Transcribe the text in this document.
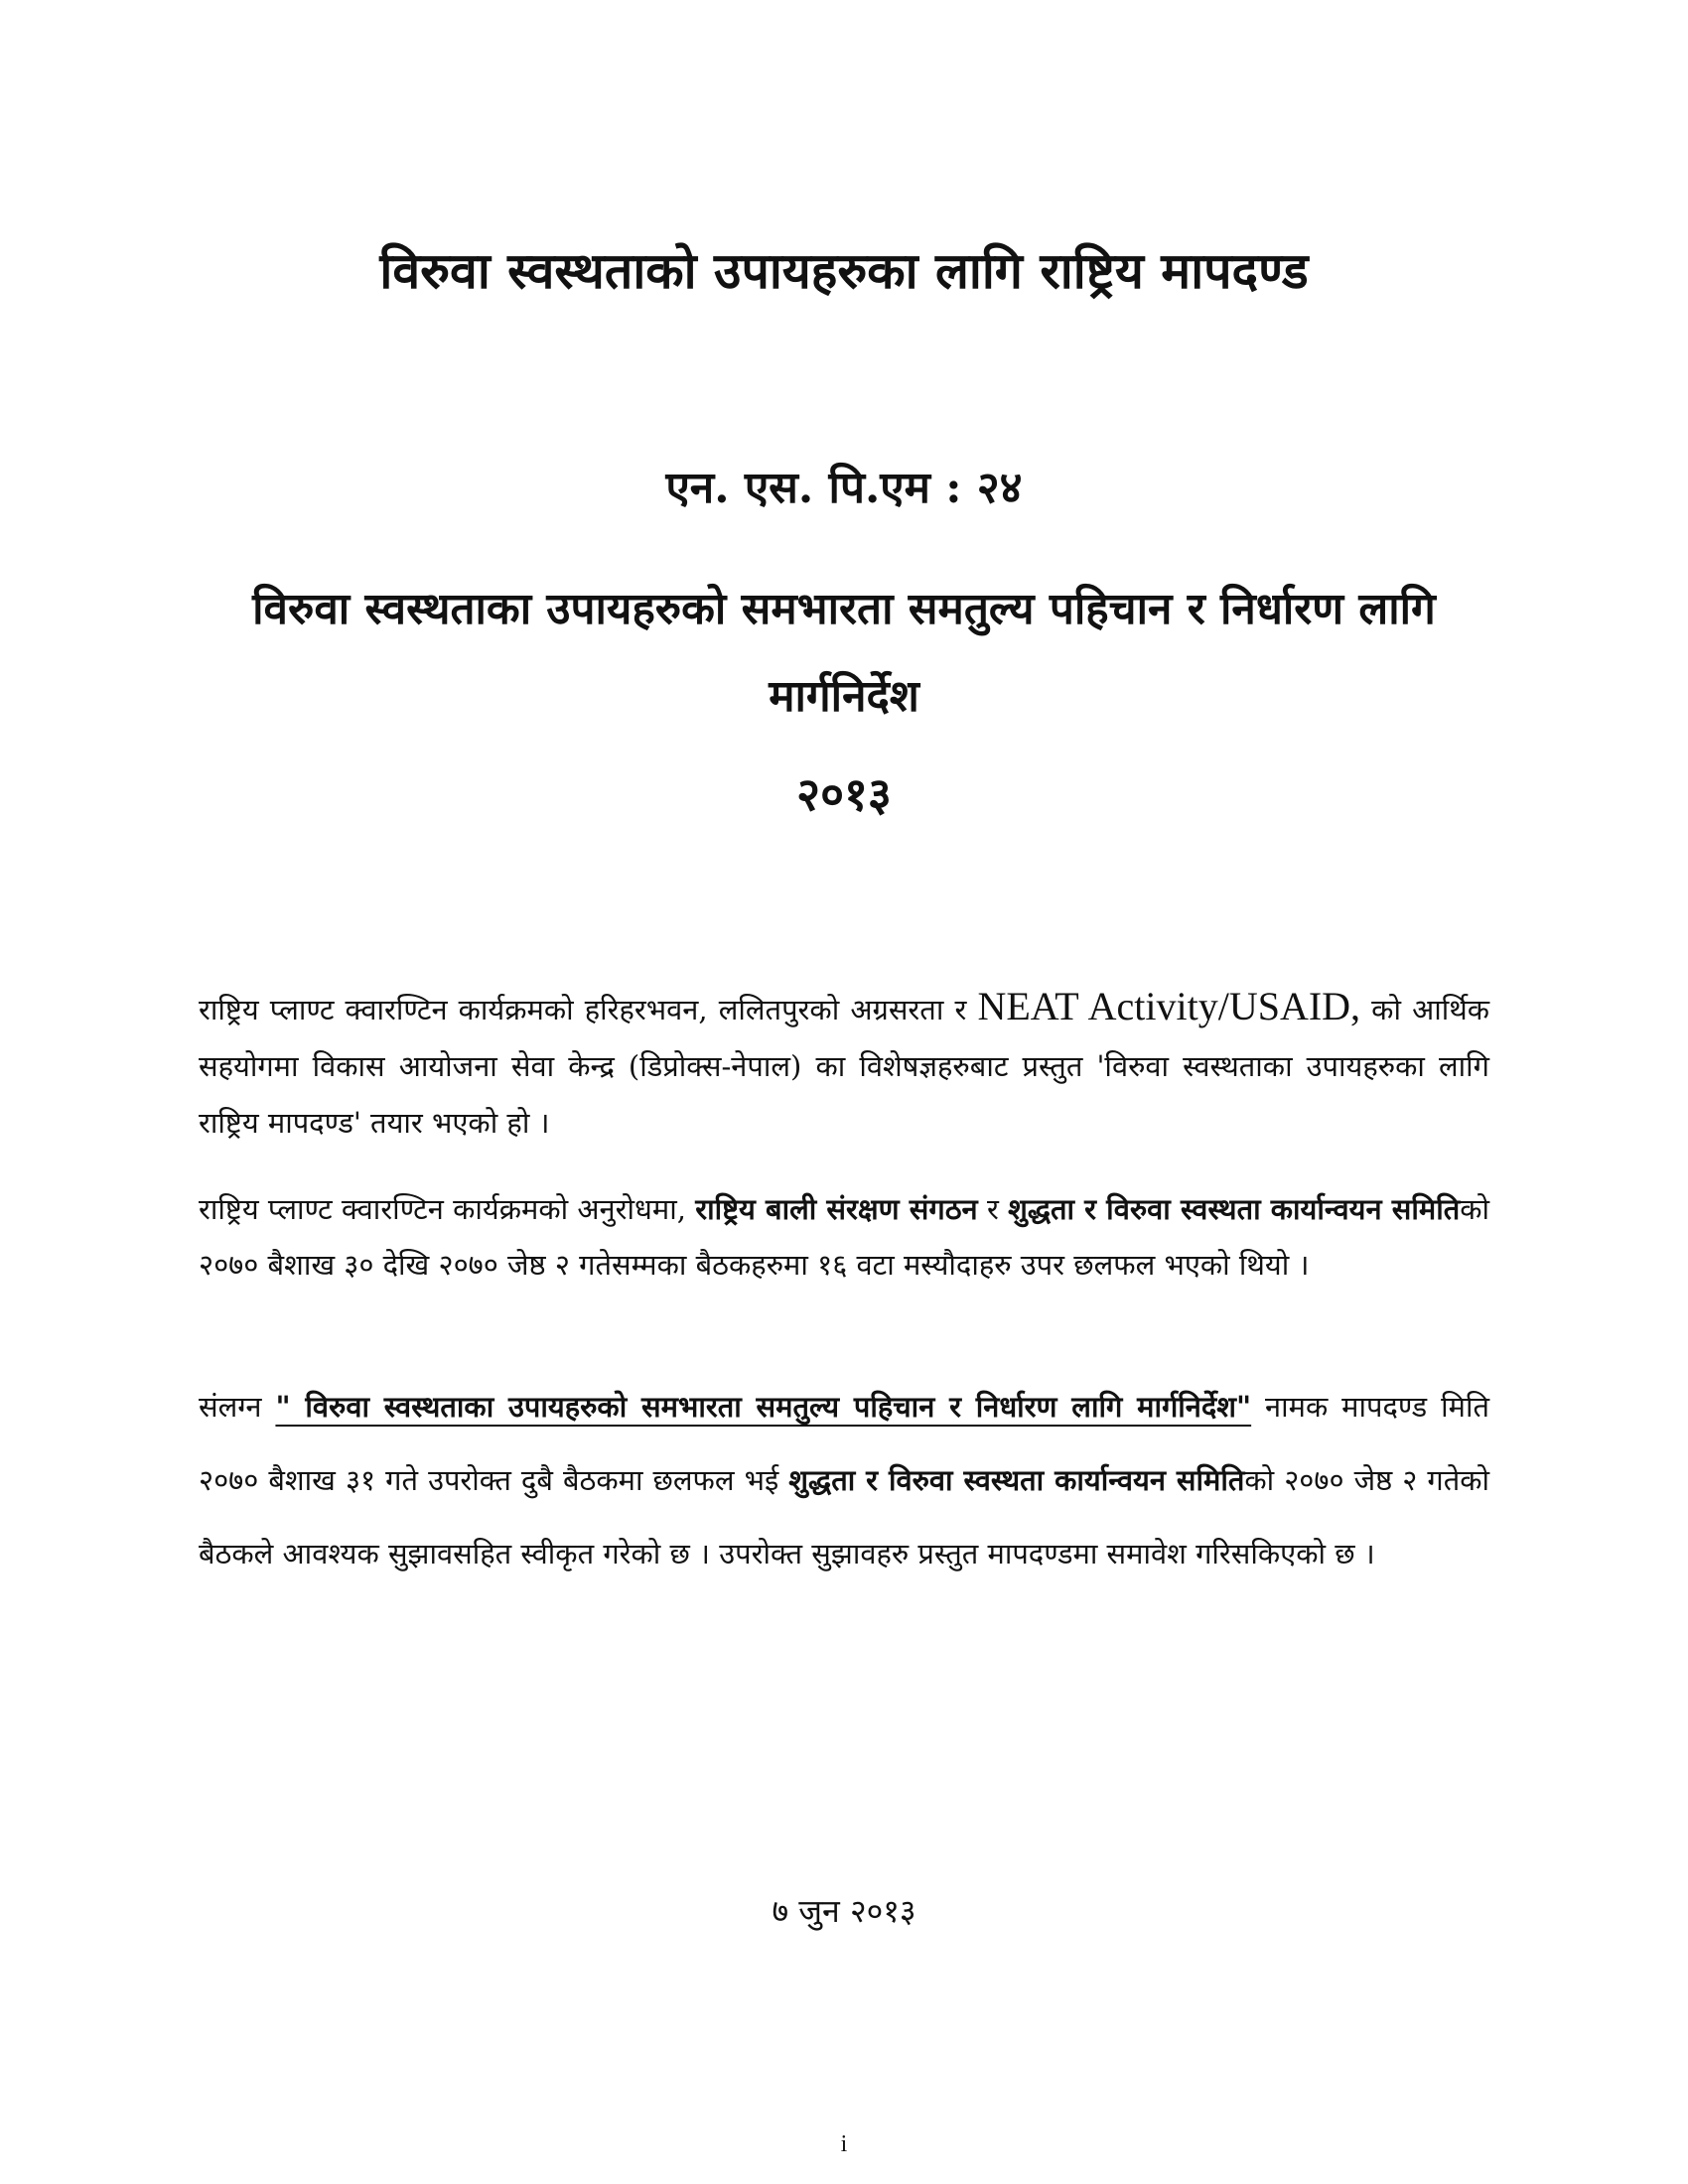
विरुवा स्वस्थताको उपायहरुका लागि राष्ट्रिय मापदण्ड
एन. एस. पि.एम : २४
विरुवा स्वस्थताका उपायहरुको समभारता समतुल्य पहिचान र निर्धारण लागि मार्गनिर्देश
२०१३

राष्ट्रिय प्लाण्ट क्वारण्टिन कार्यक्रमको हरिहरभवन, ललितपुरको अग्रसरता र NEAT Activity/USAID, को आर्थिक सहयोगमा विकास आयोजना सेवा केन्द्र (डिप्रोक्स-नेपाल) का विशेषज्ञहरुबाट प्रस्तुत 'विरुवा स्वस्थताका उपायहरुका लागि राष्ट्रिय मापदण्ड' तयार भएको हो ।

राष्ट्रिय प्लाण्ट क्वारण्टिन कार्यक्रमको अनुरोधमा, राष्ट्रिय बाली संरक्षण संगठन र शुद्धता र विरुवा स्वस्थता कार्यान्वयन समितिको २०७० बैशाख ३० देखि २०७० जेष्ठ २ गतेसम्मका बैठकहरुमा १६ वटा मस्यौदाहरु उपर छलफल भएको थियो ।

संलग्न " विरुवा स्वस्थताका उपायहरुको समभारता समतुल्य पहिचान र निर्धारण लागि मार्गनिर्देश" नामक मापदण्ड मिति २०७० बैशाख ३१ गते उपरोक्त दुबै बैठकमा छलफल भई शुद्धता र विरुवा स्वस्थता कार्यान्वयन समितिको २०७० जेष्ठ २ गतेको बैठकले आवश्यक सुझावसहित स्वीकृत गरेको छ । उपरोक्त सुझावहरु प्रस्तुत मापदण्डमा समावेश गरिसकिएको छ ।

७ जुन २०१३
i
